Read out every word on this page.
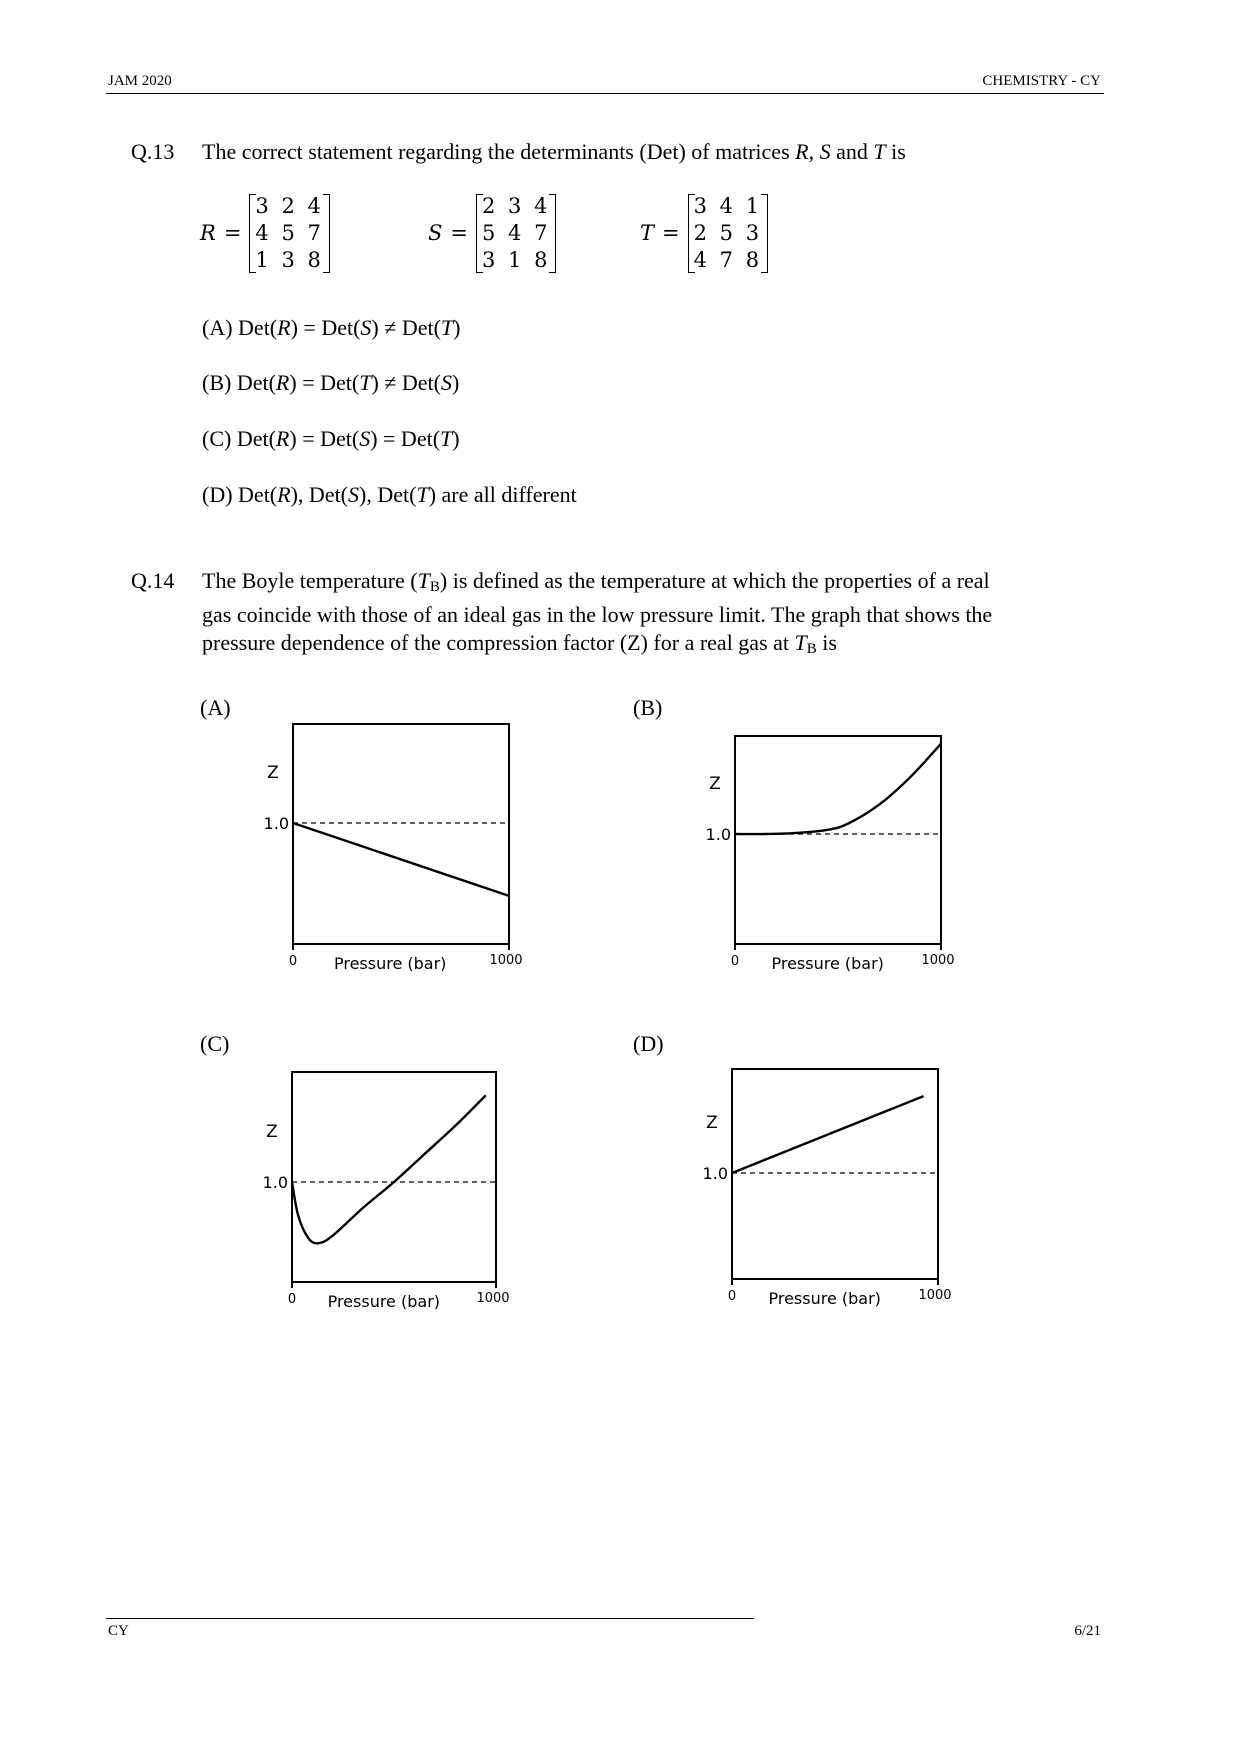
JAM 2020	CHEMISTRY - CY
Q.13 The correct statement regarding the determinants (Det) of matrices R, S and T is
R =
3 2 4
4 5 7
1 3 8
S =
2 3 4
5 4 7
3 1 8
T =
3 4 1
2 5 3
4 7 8
(A) Det(R) = Det(S) ≠ Det(T)
(B) Det(R) = Det(T) ≠ Det(S)
(C) Det(R) = Det(S) = Det(T)
(D) Det(R), Det(S), Det(T) are all different
Q.14 The Boyle temperature $(T_B)$ is defined as the temperature at which the properties of a real
gas coincide with those of an ideal gas in the low pressure limit. The graph that shows the
pressure dependence of the compression factor (Z) for a real gas at $T_B$ is
(A)	(B)
(C)	(D)
0	1000
Pressure (bar)
Z
1.0
0	1000
Pressure (bar)
Z
1.0
0	1000
Pressure (bar)
Z
1.0
0	1000
Pressure (bar)
Z
1.0
CY	6/21
